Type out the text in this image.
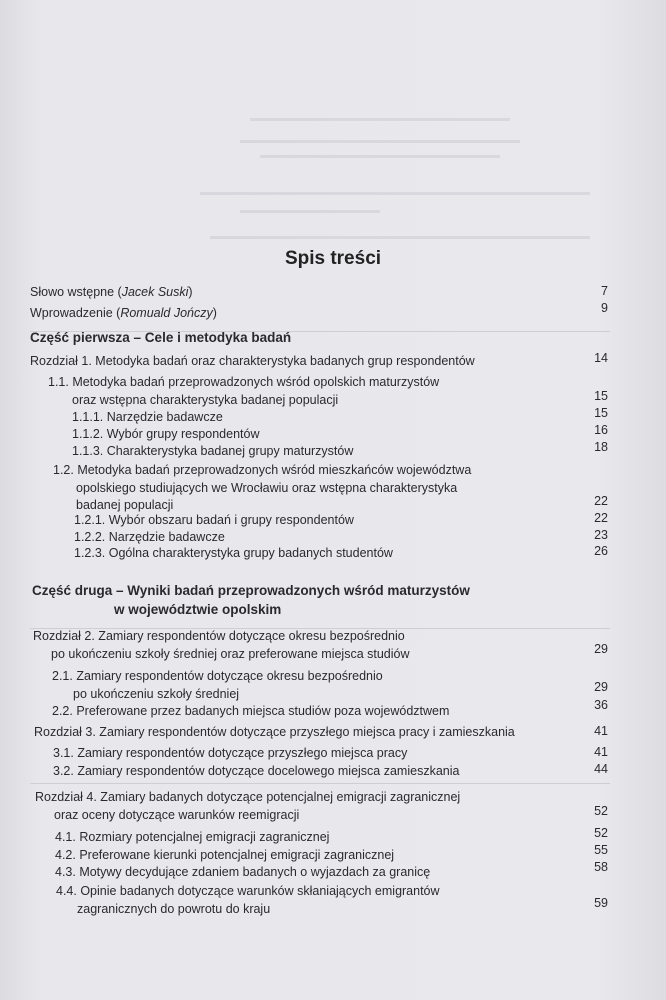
Spis treści
Słowo wstępne (Jacek Suski)	7
Wprowadzenie (Romuald Jończy)	9
Część pierwsza – Cele i metodyka badań
Rozdział 1. Metodyka badań oraz charakterystyka badanych grup respondentów	14
1.1. Metodyka badań przeprowadzonych wśród opolskich maturzystów
oraz wstępna charakterystyka badanej populacji	15
1.1.1. Narzędzie badawcze	15
1.1.2. Wybór grupy respondentów	16
1.1.3. Charakterystyka badanej grupy maturzystów	18
1.2. Metodyka badań przeprowadzonych wśród mieszkańców województwa
opolskiego studiujących we Wrocławiu oraz wstępna charakterystyka
badanej populacji	22
1.2.1. Wybór obszaru badań i grupy respondentów	22
1.2.2. Narzędzie badawcze	23
1.2.3. Ogólna charakterystyka grupy badanych studentów	26
Część druga – Wyniki badań przeprowadzonych wśród maturzystów
w województwie opolskim
Rozdział 2. Zamiary respondentów dotyczące okresu bezpośrednio
po ukończeniu szkoły średniej oraz preferowane miejsca studiów	29
2.1. Zamiary respondentów dotyczące okresu bezpośrednio
po ukończeniu szkoły średniej	29
2.2. Preferowane przez badanych miejsca studiów poza województwem	36
Rozdział 3. Zamiary respondentów dotyczące przyszłego miejsca pracy i zamieszkania	41
3.1. Zamiary respondentów dotyczące przyszłego miejsca pracy	41
3.2. Zamiary respondentów dotyczące docelowego miejsca zamieszkania	44
Rozdział 4. Zamiary badanych dotyczące potencjalnej emigracji zagranicznej
oraz oceny dotyczące warunków reemigracji	52
4.1. Rozmiary potencjalnej emigracji zagranicznej	52
4.2. Preferowane kierunki potencjalnej emigracji zagranicznej	55
4.3. Motywy decydujące zdaniem badanych o wyjazdach za granicę	58
4.4. Opinie badanych dotyczące warunków skłaniających emigrantów
zagranicznych do powrotu do kraju	59
